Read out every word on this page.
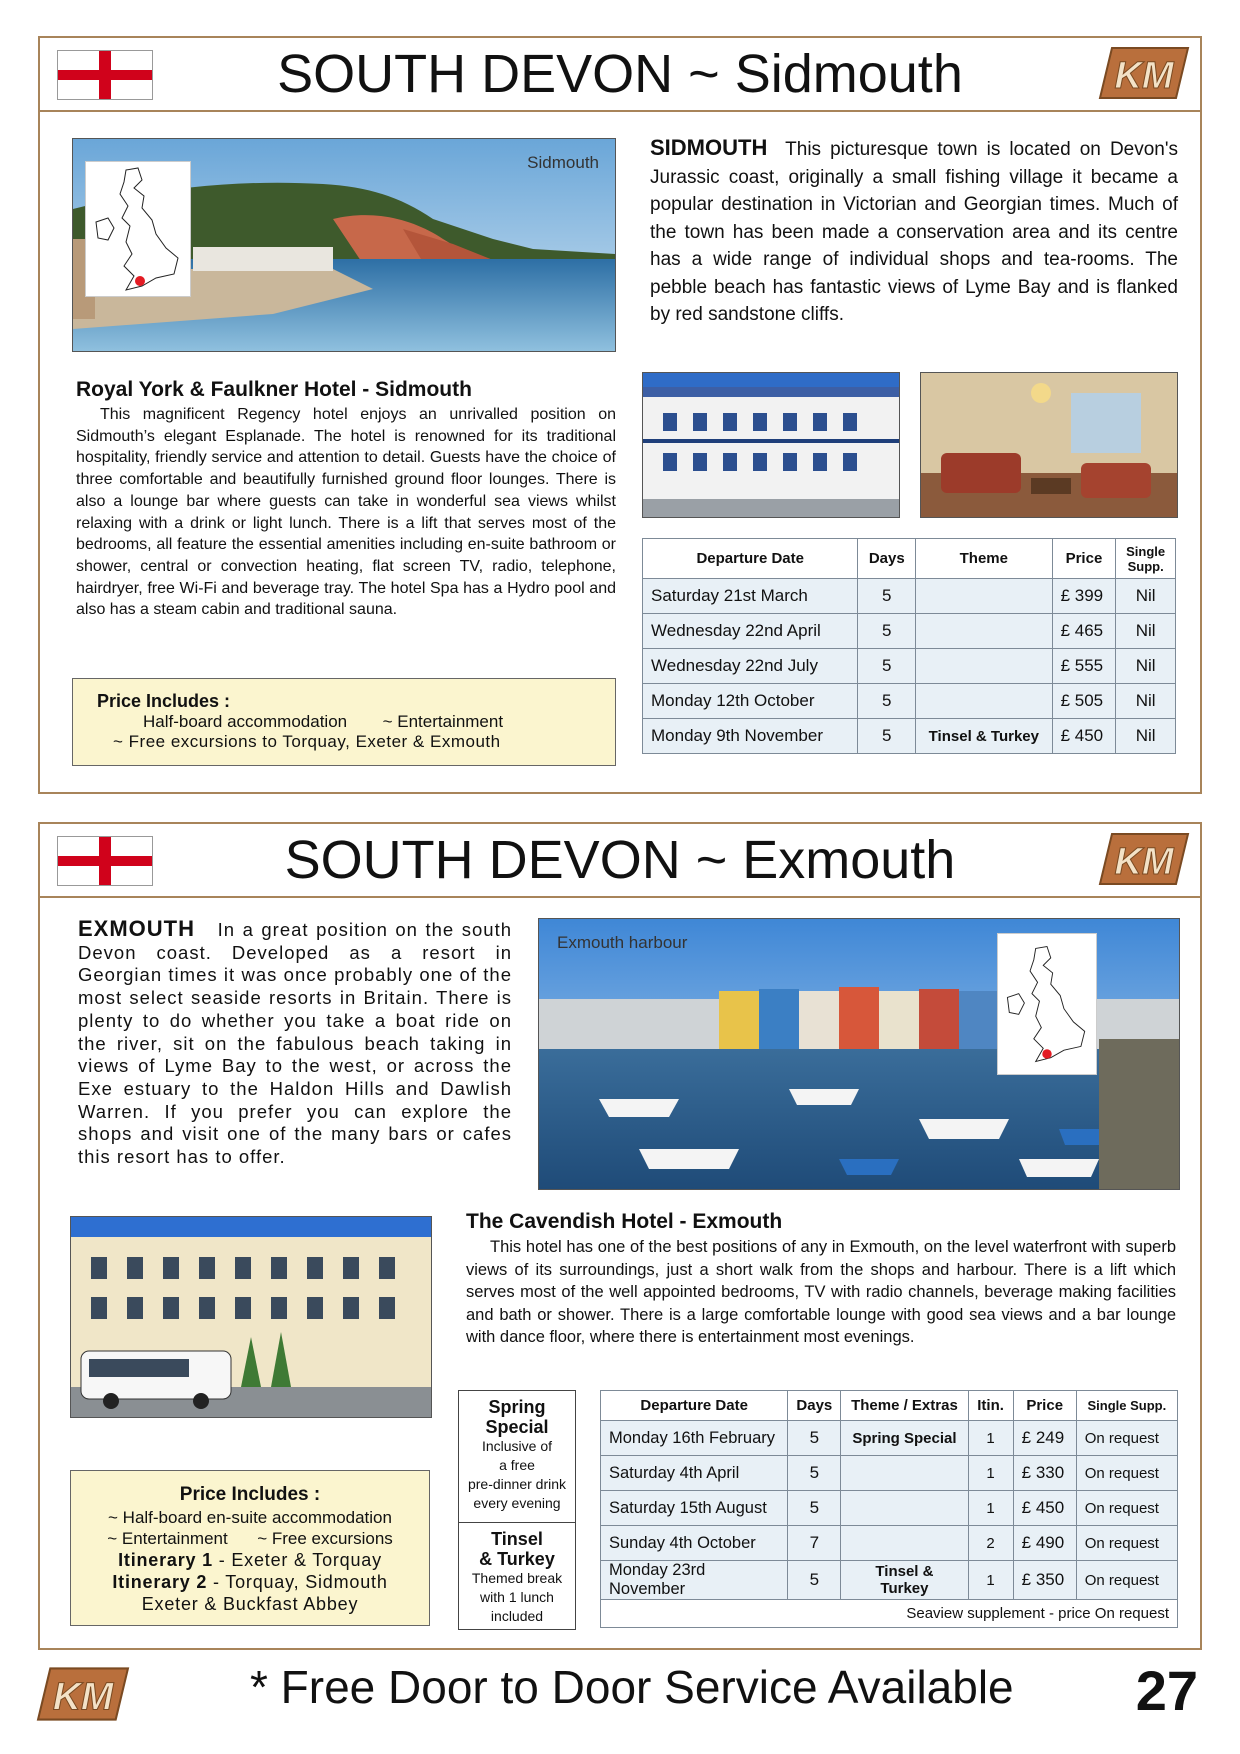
SOUTH DEVON ~ Sidmouth	KM
Sidmouth

SIDMOUTH This picturesque town is located on Devon's Jurassic coast, originally a small fishing village it became a popular destination in Victorian and Georgian times. Much of the town has been made a conservation area and its centre has a wide range of individual shops and tea-rooms. The pebble beach has fantastic views of Lyme Bay and is flanked by red sandstone cliffs.

Royal York & Faulkner Hotel - Sidmouth

This magnificent Regency hotel enjoys an unrivalled position on Sidmouth’s elegant Esplanade. The hotel is renowned for its traditional hospitality, friendly service and attention to detail. Guests have the choice of three comfortable and beautifully furnished ground floor lounges. There is also a lounge bar where guests can take in wonderful sea views whilst relaxing with a drink or light lunch. There is a lift that serves most of the bedrooms, all feature the essential amenities including en-suite bathroom or shower, central or convection heating, flat screen TV, radio, telephone, hairdryer, free Wi-Fi and beverage tray. The hotel Spa has a Hydro pool and also has a steam cabin and traditional sauna.

Departure Date	Days	Theme	Price	Single Supp.
Saturday 21st March	5		£ 399	Nil
Wednesday 22nd April	5		£ 465	Nil
Wednesday 22nd July	5		£ 555	Nil
Monday 12th October	5		£ 505	Nil
Monday 9th November	5	Tinsel & Turkey	£ 450	Nil
Price Includes :
Half-board accommodation ~ Entertainment
~ Free excursions to Torquay, Exeter & Exmouth
SOUTH DEVON ~ Exmouth	KM

EXMOUTH In a great position on the south Devon coast. Developed as a resort in Georgian times it was once probably one of the most select seaside resorts in Britain. There is plenty to do whether you take a boat ride on the river, sit on the fabulous beach taking in views of Lyme Bay to the west, or across the Exe estuary to the Haldon Hills and Dawlish Warren. If you prefer you can explore the shops and visit one of the many bars or cafes this resort has to offer.

Exmouth harbour
The Cavendish Hotel - Exmouth

This hotel has one of the best positions of any in Exmouth, on the level waterfront with superb views of its surroundings, just a short walk from the shops and harbour. There is a lift which serves most of the well appointed bedrooms, TV with radio channels, beverage making facilities and bath or shower. There is a large comfortable lounge with good sea views and a bar lounge with dance floor, where there is entertainment most evenings.

Spring
Special
Inclusive of
a free
pre-dinner drink
every evening
Tinsel
& Turkey
Themed break
with 1 lunch
included
Departure Date	Days	Theme / Extras	Itin.	Price	Single Supp.
Monday 16th February	5	Spring Special	1	£ 249	On request
Saturday 4th April	5		1	£ 330	On request
Saturday 15th August	5		1	£ 450	On request
Sunday 4th October	7		2	£ 490	On request
Monday 23rd November	5	Tinsel & Turkey	1	£ 350	On request
Seaview supplement - price On request					
Price Includes :
~ Half-board en-suite accommodation
~ Entertainment ~ Free excursions
Itinerary 1 - Exeter & Torquay
Itinerary 2 - Torquay, Sidmouth
Exeter & Buckfast Abbey
KM	* Free Door to Door Service Available 27
